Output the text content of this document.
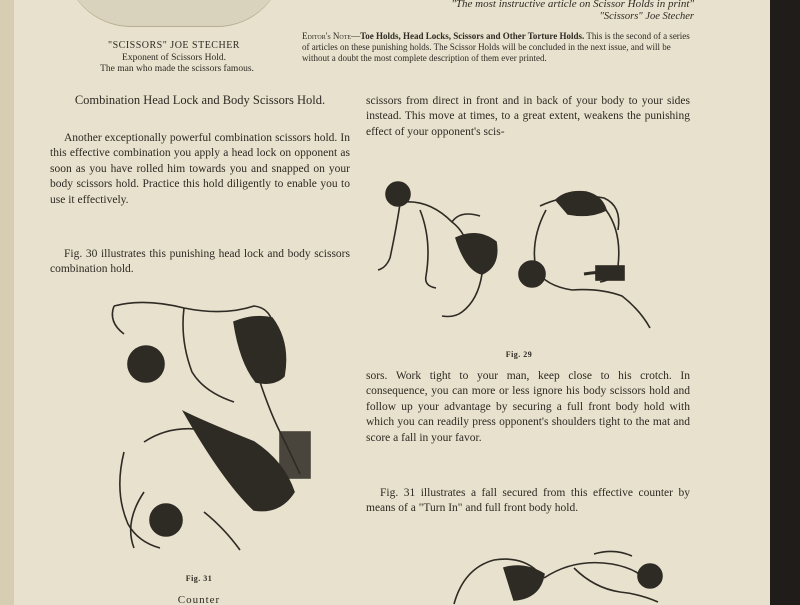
"SCISSORS" JOE STECHER
Exponent of Scissors Hold.
The man who made the scissors famous.
"The most instructive article on Scissor Holds in print"
"Scissors" Joe Stecher
Editor's Note—Toe Holds, Head Locks, Scissors and Other Torture Holds. This is the second of a series of articles on these punishing holds. The Scissor Holds will be concluded in the next issue, and will be without a doubt the most complete description of them ever printed.
Combination Head Lock and Body Scissors Hold.
Another exceptionally powerful combination scissors hold. In this effective combination you apply a head lock on opponent as soon as you have rolled him towards you and snapped on your body scissors hold. Practice this hold diligently to enable you to use it effectively.
Fig. 30 illustrates this punishing head lock and body scissors combination hold.
scissors from direct in front and in back of your body to your sides instead. This move at times, to a great extent, weakens the punishing effect of your opponent's scis-
sors. Work tight to your man, keep close to his crotch. In consequence, you can more or less ignore his body scissors hold and follow up your advantage by securing a full front body hold with which you can readily press opponent's shoulders tight to the mat and score a fall in your favor.
Fig. 31 illustrates a fall secured from this effective counter by means of a "Turn In" and full front body hold.
Fig. 29
Fig. 31
Counter
